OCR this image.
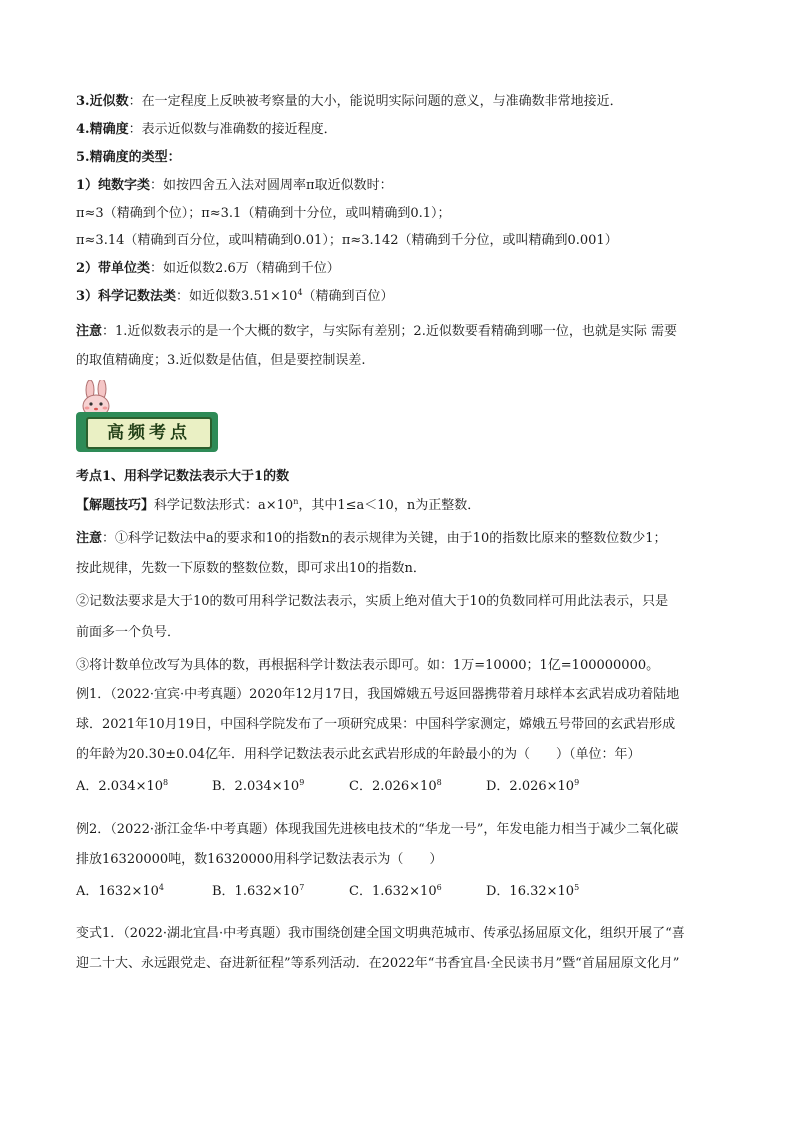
3.近似数：在一定程度上反映被考察量的大小，能说明实际问题的意义，与准确数非常地接近．
4.精确度：表示近似数与准确数的接近程度．
5.精确度的类型：
1）纯数字类：如按四舍五入法对圆周率π取近似数时：
π≈3（精确到个位）；π≈3.1（精确到十分位，或叫精确到0.1）；
π≈3.14（精确到百分位，或叫精确到0.01）；π≈3.142（精确到千分位，或叫精确到0.001）
2）带单位类：如近似数2.6万（精确到千位）
3）科学记数法类：如近似数$3.51\times 10^4$（精确到百位）
注意：1.近似数表示的是一个大概的数字，与实际有差别；2.近似数要看精确到哪一位，也就是实际 需要
的取值精确度；3.近似数是估值，但是要控制误差.
高频考点
考点1、用科学记数法表示大于1的数
【解题技巧】科学记数法形式：$a\times 10^n$，其中1≤a＜10，n为正整数．
注意：①科学记数法中a的要求和10的指数n的表示规律为关键，由于10的指数比原来的整数位数少1；
按此规律，先数一下原数的整数位数，即可求出10的指数n．
②记数法要求是大于10的数可用科学记数法表示，实质上绝对值大于10的负数同样可用此法表示，只是
前面多一个负号．
③将计数单位改写为具体的数，再根据科学计数法表示即可。如：1万=10000；1亿=100000000。
例1．（2022·宜宾·中考真题）2020年12月17日，我国嫦娥五号返回器携带着月球样本玄武岩成功着陆地
球．2021年10月19日，中国科学院发布了一项研究成果：中国科学家测定，嫦娥五号带回的玄武岩形成
的年龄为20.30±0.04亿年．用科学记数法表示此玄武岩形成的年龄最小的为（　　）（单位：年）
A．$2.034\times 10^8$	B．$2.034\times 10^9$	C．$2.026\times 10^8$	D．$2.026\times 10^9$
例2．（2022·浙江金华·中考真题）体现我国先进核电技术的“华龙一号”，年发电能力相当于减少二氧化碳
排放16320000吨，数16320000用科学记数法表示为（　　）
A．$1632\times 10^4$	B．$1.632\times 10^7$	C．$1.632\times 10^6$	D．$16.32\times 10^5$
变式1．（2022·湖北宜昌·中考真题）我市围绕创建全国文明典范城市、传承弘扬屈原文化，组织开展了“喜
迎二十大、永远跟党走、奋进新征程”等系列活动．在2022年“书香宜昌·全民读书月”暨“首届屈原文化月”
